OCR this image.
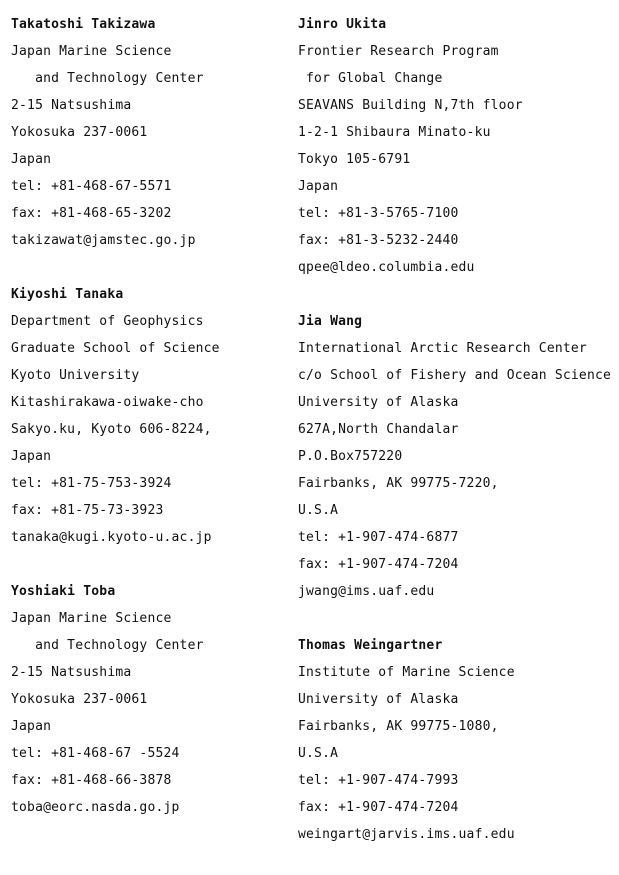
Takatoshi Takizawa
Japan Marine Science
and Technology Center
2-15 Natsushima
Yokosuka 237-0061
Japan
tel: +81-468-67-5571
fax: +81-468-65-3202
takizawat@jamstec.go.jp
Kiyoshi Tanaka
Department of Geophysics
Graduate School of Science
Kyoto University
Kitashirakawa-oiwake-cho
Sakyo.ku, Kyoto 606-8224,
Japan
tel: +81-75-753-3924
fax: +81-75-73-3923
tanaka@kugi.kyoto-u.ac.jp
Yoshiaki Toba
Japan Marine Science
and Technology Center
2-15 Natsushima
Yokosuka 237-0061
Japan
tel: +81-468-67 -5524
fax: +81-468-66-3878
toba@eorc.nasda.go.jp
Jinro Ukita
Frontier Research Program
for Global Change
SEAVANS Building N,7th floor
1-2-1 Shibaura Minato-ku
Tokyo 105-6791
Japan
tel: +81-3-5765-7100
fax: +81-3-5232-2440
qpee@ldeo.columbia.edu
Jia Wang
International Arctic Research Center
c/o School of Fishery and Ocean Science
University of Alaska
627A,North Chandalar
P.O.Box757220
Fairbanks, AK 99775-7220,
U.S.A
tel: +1-907-474-6877
fax: +1-907-474-7204
jwang@ims.uaf.edu
Thomas Weingartner
Institute of Marine Science
University of Alaska
Fairbanks, AK 99775-1080,
U.S.A
tel: +1-907-474-7993
fax: +1-907-474-7204
weingart@jarvis.ims.uaf.edu
